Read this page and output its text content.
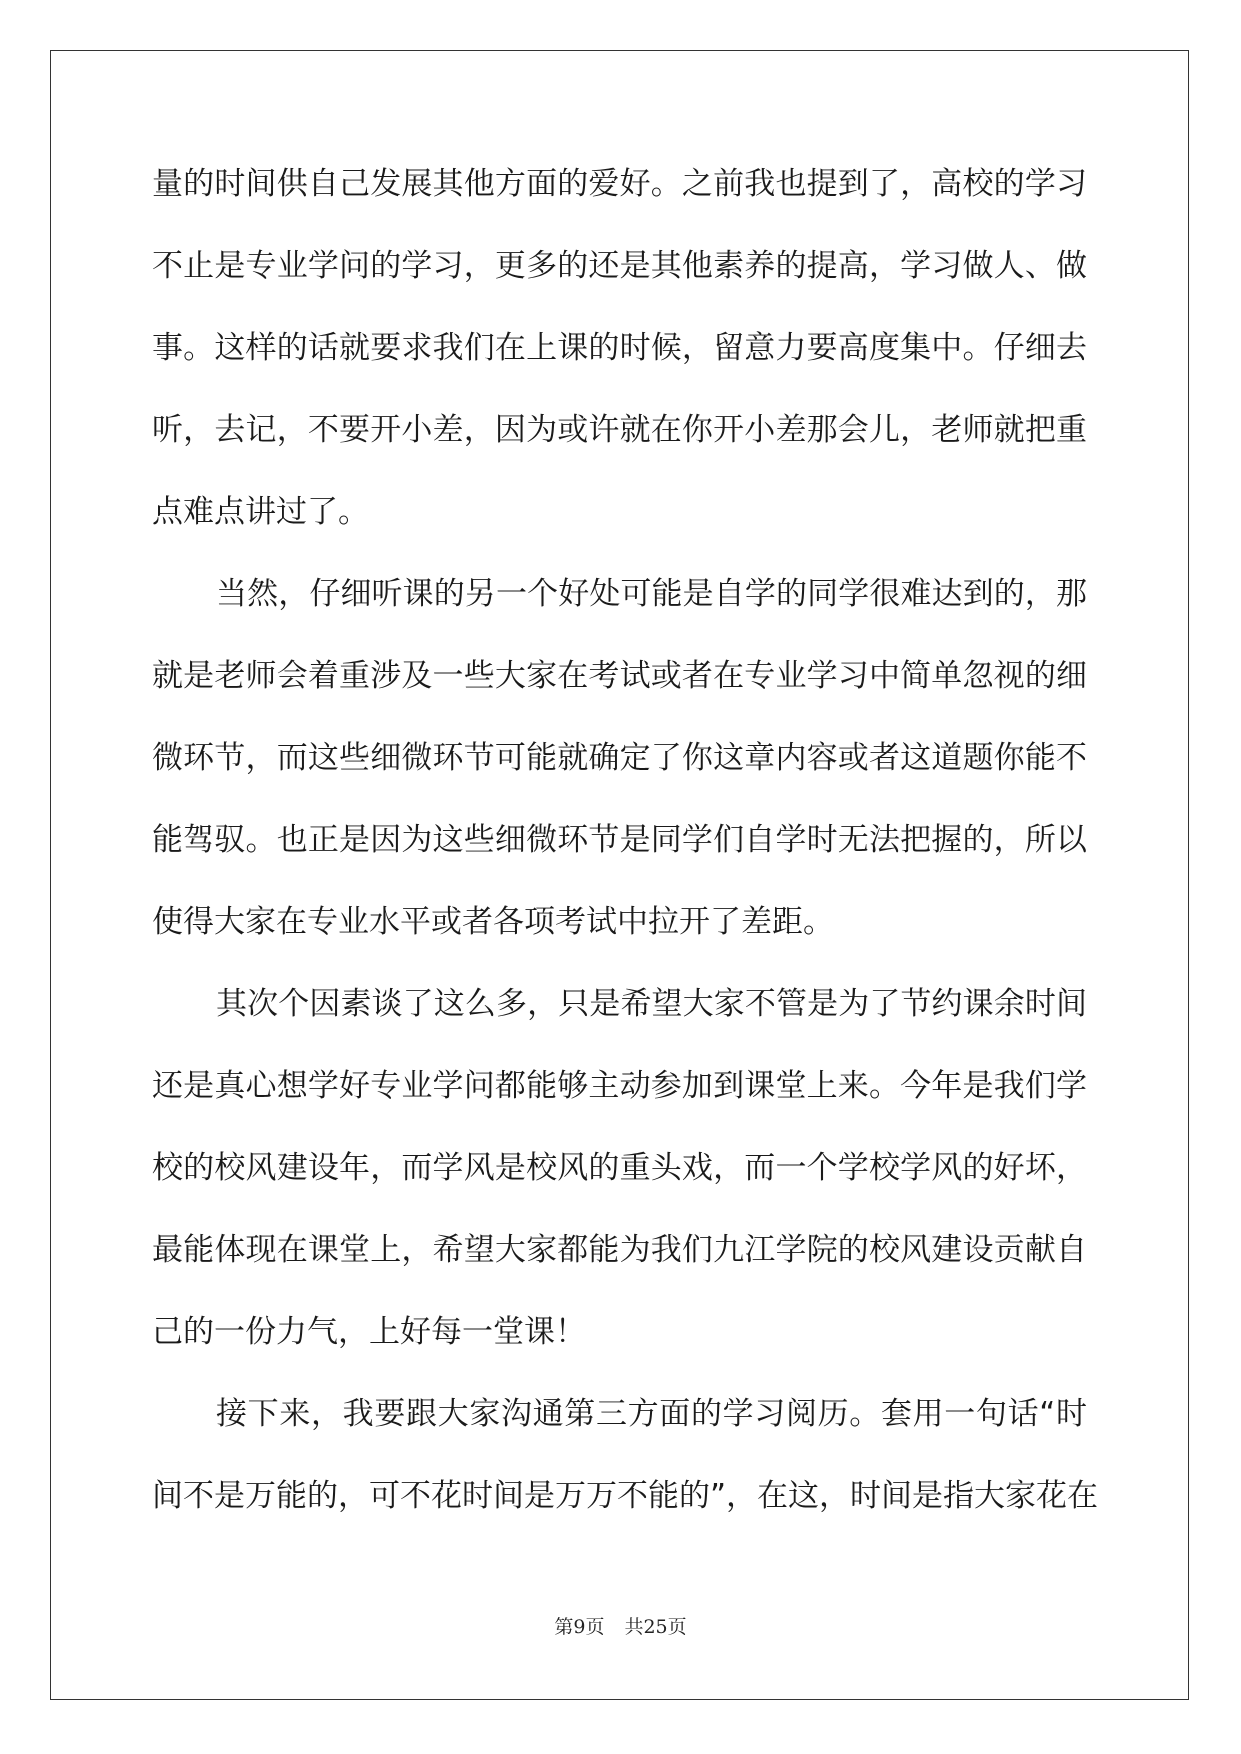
量的时间供自己发展其他方面的爱好。之前我也提到了，高校的学习
不止是专业学问的学习，更多的还是其他素养的提高，学习做人、做
事。这样的话就要求我们在上课的时候，留意力要高度集中。仔细去
听，去记，不要开小差，因为或许就在你开小差那会儿，老师就把重
点难点讲过了。
当然，仔细听课的另一个好处可能是自学的同学很难达到的，那
就是老师会着重涉及一些大家在考试或者在专业学习中简单忽视的细
微环节，而这些细微环节可能就确定了你这章内容或者这道题你能不
能驾驭。也正是因为这些细微环节是同学们自学时无法把握的，所以
使得大家在专业水平或者各项考试中拉开了差距。
其次个因素谈了这么多，只是希望大家不管是为了节约课余时间
还是真心想学好专业学问都能够主动参加到课堂上来。今年是我们学
校的校风建设年，而学风是校风的重头戏，而一个学校学风的好坏，
最能体现在课堂上，希望大家都能为我们九江学院的校风建设贡献自
己的一份力气，上好每一堂课！
接下来，我要跟大家沟通第三方面的学习阅历。套用一句话“时
间不是万能的，可不花时间是万万不能的”，在这，时间是指大家花在
第9页 共25页
